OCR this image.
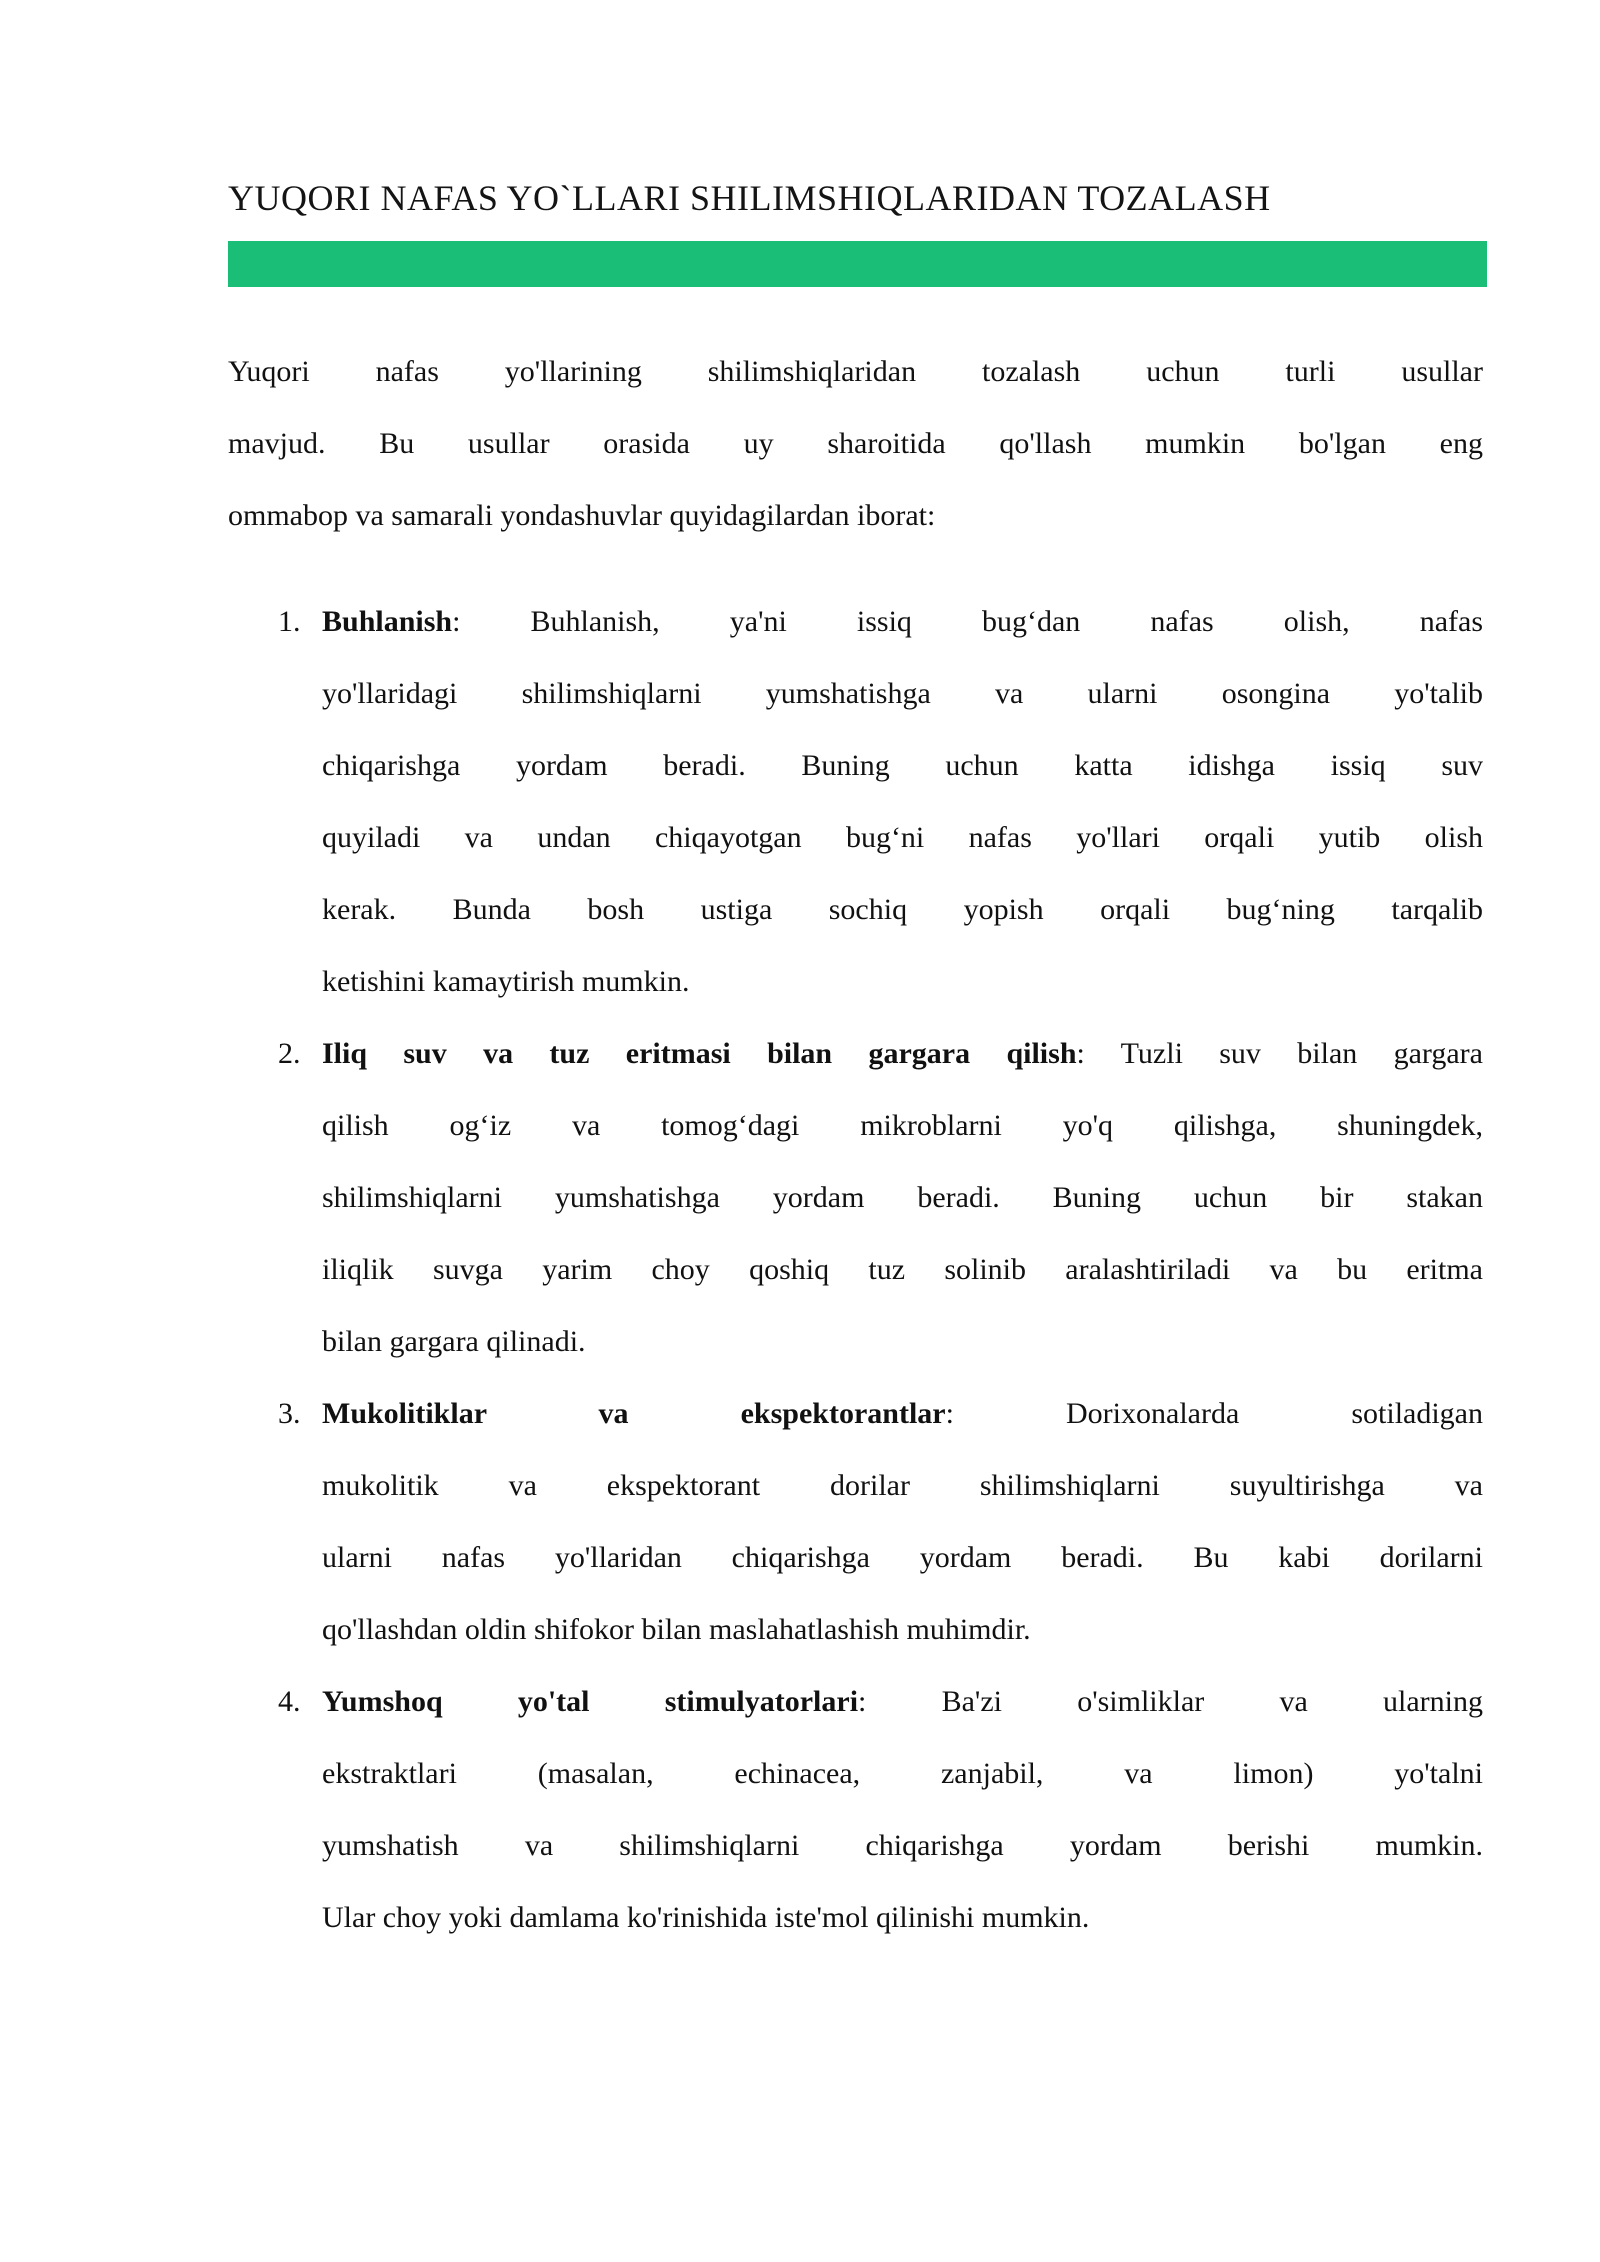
YUQORI NAFAS YO`LLARI SHILIMSHIQLARIDAN TOZALASH
Yuqori nafas yo'llarining shilimshiqlaridan tozalash uchun turli usullar
mavjud. Bu usullar orasida uy sharoitida qo'llash mumkin bo'lgan eng
ommabop va samarali yondashuvlar quyidagilardan iborat:
1. Buhlanish: Buhlanish, ya'ni issiq bug‘dan nafas olish, nafas
yo'llaridagi shilimshiqlarni yumshatishga va ularni osongina yo'talib
chiqarishga yordam beradi. Buning uchun katta idishga issiq suv
quyiladi va undan chiqayotgan bug‘ni nafas yo'llari orqali yutib olish
kerak. Bunda bosh ustiga sochiq yopish orqali bug‘ning tarqalib
ketishini kamaytirish mumkin.
2. Iliq suv va tuz eritmasi bilan gargara qilish: Tuzli suv bilan gargara
qilish og‘iz va tomog‘dagi mikroblarni yo'q qilishga, shuningdek,
shilimshiqlarni yumshatishga yordam beradi. Buning uchun bir stakan
iliqlik suvga yarim choy qoshiq tuz solinib aralashtiriladi va bu eritma
bilan gargara qilinadi.
3. Mukolitiklar va ekspektorantlar: Dorixonalarda sotiladigan
mukolitik va ekspektorant dorilar shilimshiqlarni suyultirishga va
ularni nafas yo'llaridan chiqarishga yordam beradi. Bu kabi dorilarni
qo'llashdan oldin shifokor bilan maslahatlashish muhimdir.
4. Yumshoq yo'tal stimulyatorlari: Ba'zi o'simliklar va ularning
ekstraktlari (masalan, echinacea, zanjabil, va limon) yo'talni
yumshatish va shilimshiqlarni chiqarishga yordam berishi mumkin.
Ular choy yoki damlama ko'rinishida iste'mol qilinishi mumkin.
